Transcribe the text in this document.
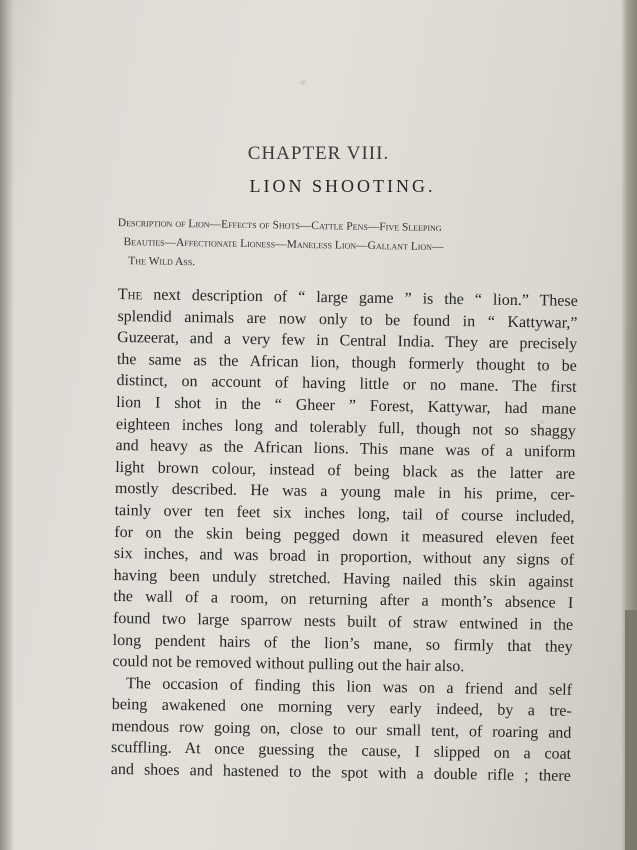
CHAPTER VIII.
LION SHOOTING.
Description of Lion—Effects of Shots—Cattle Pens—Five Sleeping
Beauties—Affectionate Lioness—Maneless Lion—Gallant Lion—
The Wild Ass.
The next description of “ large game ” is the “ lion.” These
splendid animals are now only to be found in “ Kattywar,”
Guzeerat, and a very few in Central India. They are precisely
the same as the African lion, though formerly thought to be
distinct, on account of having little or no mane. The first
lion I shot in the “ Gheer ” Forest, Kattywar, had mane
eighteen inches long and tolerably full, though not so shaggy
and heavy as the African lions. This mane was of a uniform
light brown colour, instead of being black as the latter are
mostly described. He was a young male in his prime, cer-
tainly over ten feet six inches long, tail of course included,
for on the skin being pegged down it measured eleven feet
six inches, and was broad in proportion, without any signs of
having been unduly stretched. Having nailed this skin against
the wall of a room, on returning after a month’s absence I
found two large sparrow nests built of straw entwined in the
long pendent hairs of the lion’s mane, so firmly that they
could not be removed without pulling out the hair also.
The occasion of finding this lion was on a friend and self
being awakened one morning very early indeed, by a tre-
mendous row going on, close to our small tent, of roaring and
scuffling. At once guessing the cause, I slipped on a coat
and shoes and hastened to the spot with a double rifle ; there
